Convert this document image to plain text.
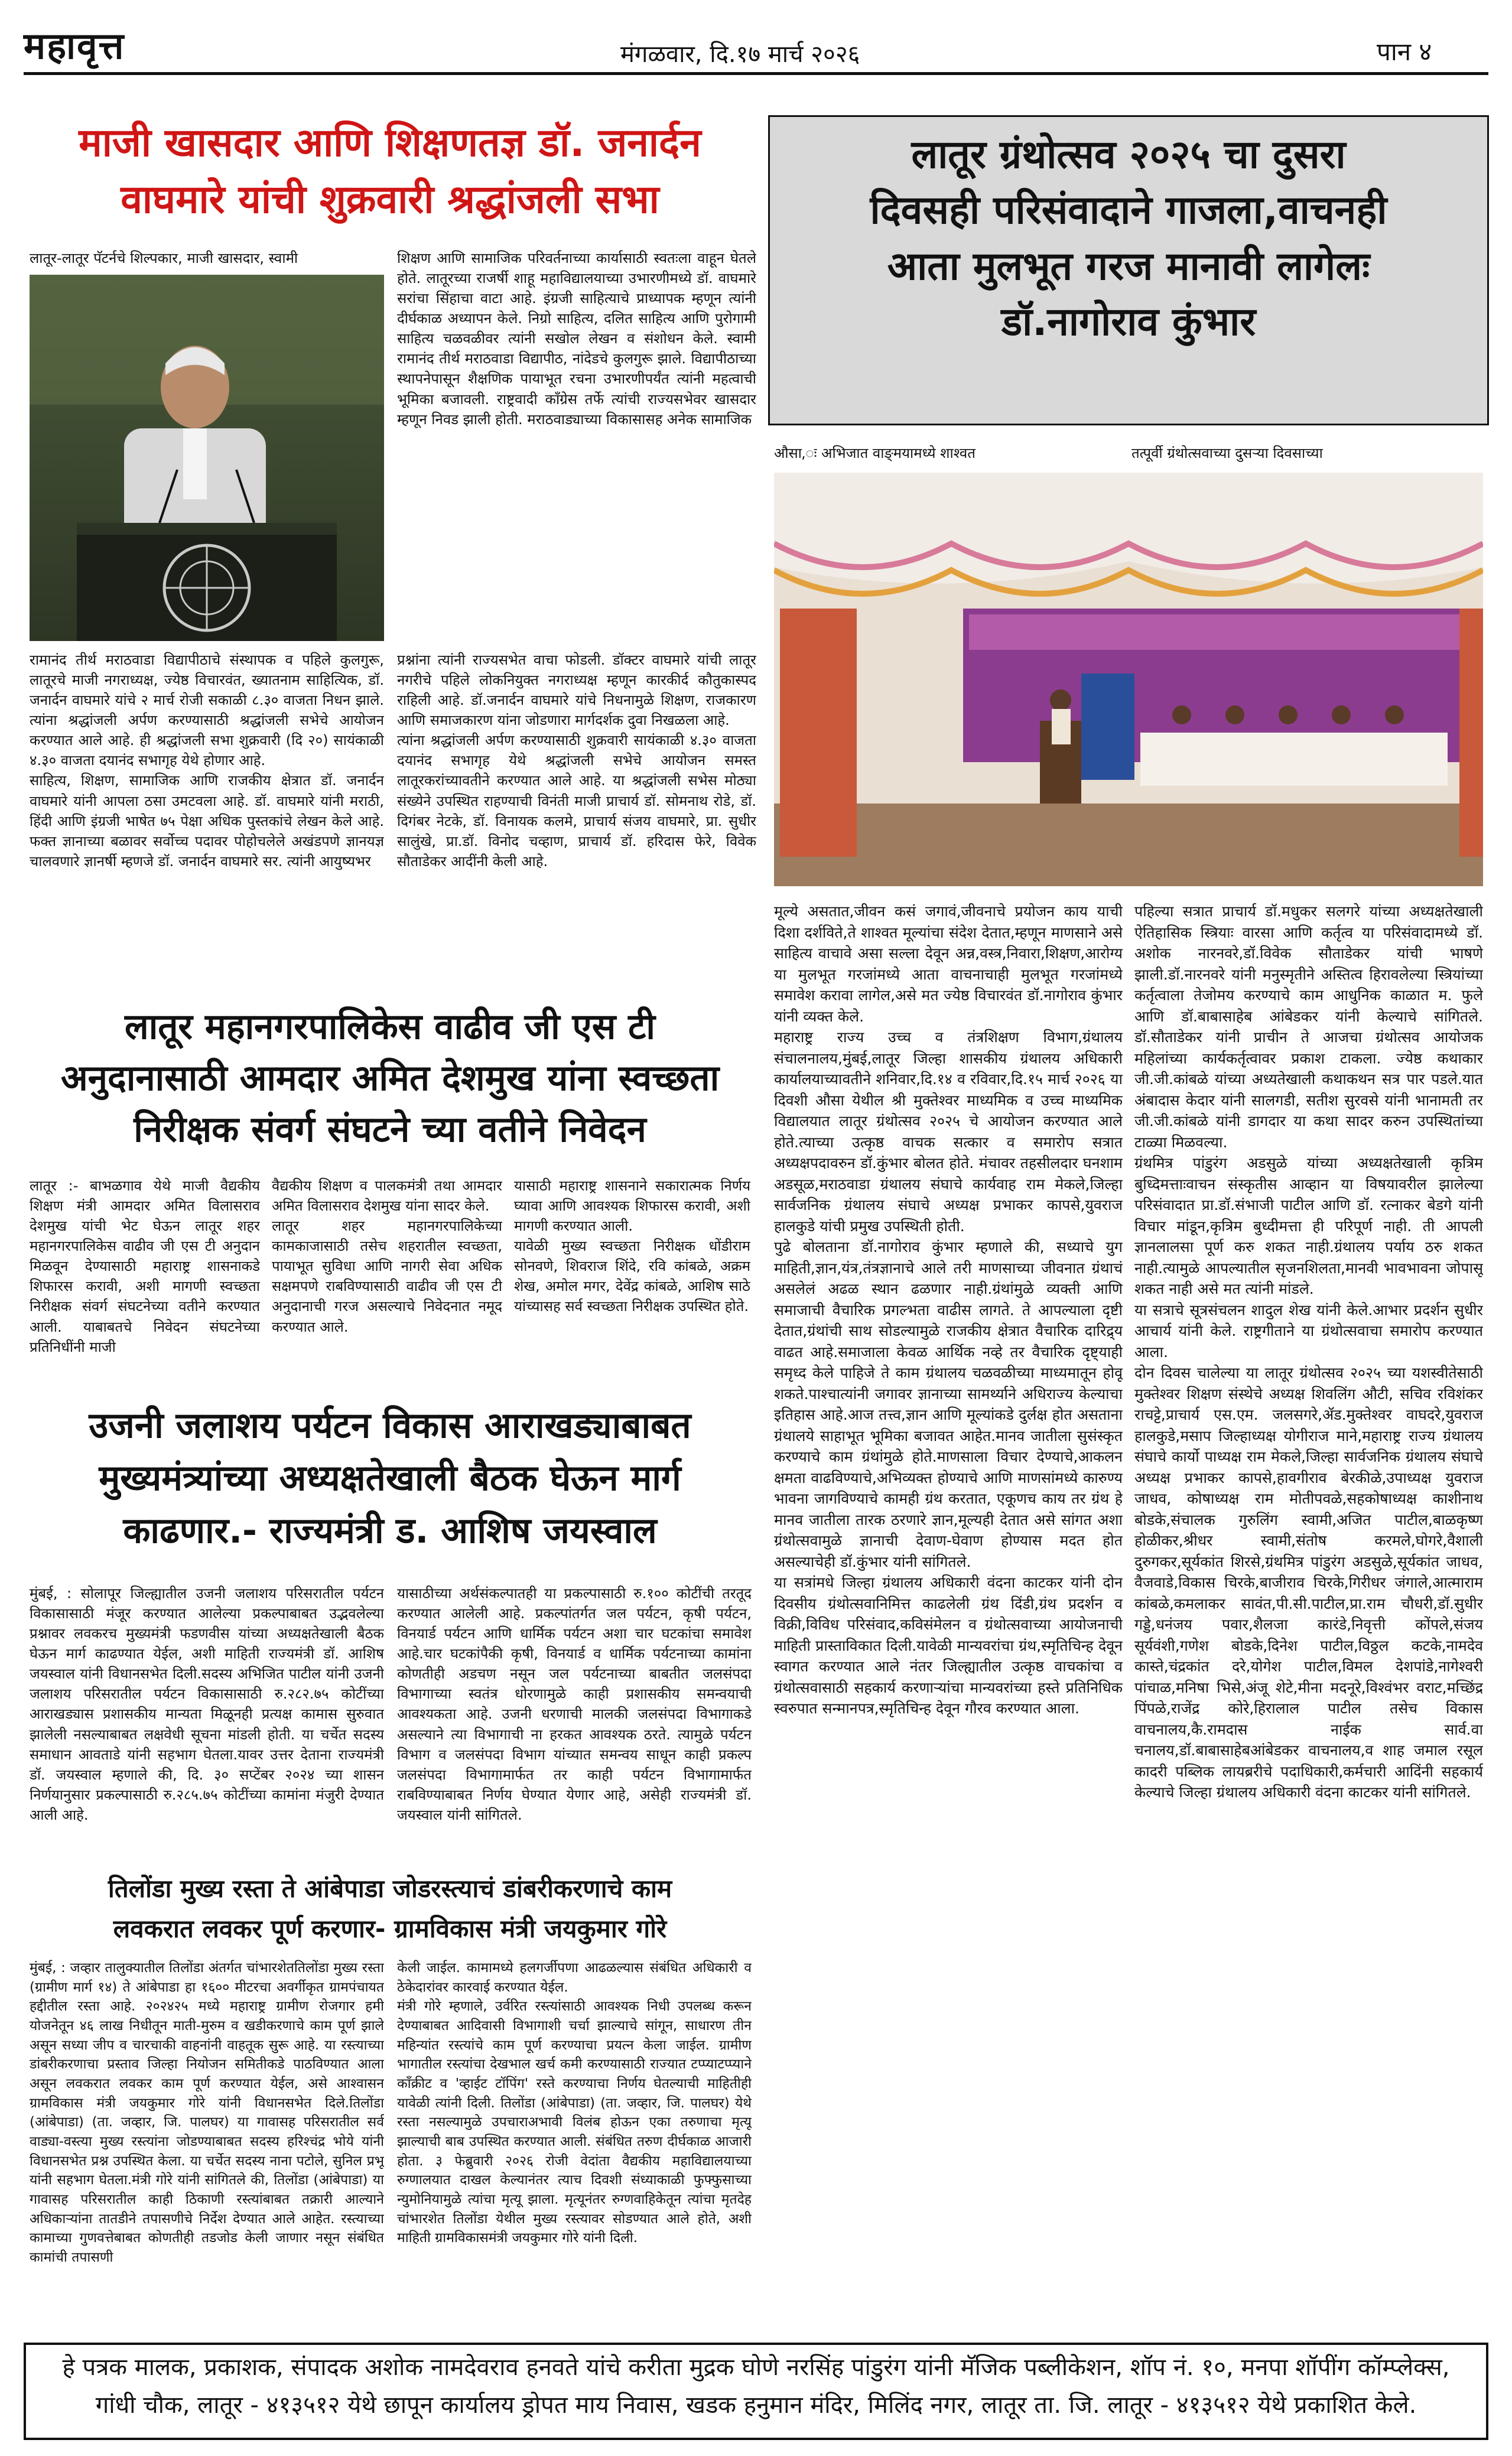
महावृत्त	मंगळवार, दि.१७ मार्च २०२६	पान ४
माजी खासदार आणि शिक्षणतज्ञ डॉ. जनार्दन
वाघमारे यांची शुक्रवारी श्रद्धांजली सभा

लातूर-लातूर पॅटर्नचे शिल्पकार, माजी खासदार, स्वामी	शिक्षण आणि सामाजिक परिवर्तनाच्या कार्यासाठी स्वतःला वाहून घेतले होते. लातूरच्या राजर्षी शाहू महाविद्यालयाच्या उभारणीमध्ये डॉ. वाघमारे सरांचा सिंहाचा वाटा आहे. इंग्रजी साहित्याचे प्राध्यापक म्हणून त्यांनी दीर्घकाळ अध्यापन केले. निग्रो साहित्य, दलित साहित्य आणि पुरोगामी साहित्य चळवळीवर त्यांनी सखोल लेखन व संशोधन केले. स्वामी रामानंद तीर्थ मराठवाडा विद्यापीठ, नांदेडचे कुलगुरू झाले. विद्यापीठाच्या स्थापनेपासून शैक्षणिक पायाभूत रचना उभारणीपर्यंत त्यांनी महत्वाची भूमिका बजावली. राष्ट्रवादी काँग्रेस तर्फे त्यांची राज्यसभेवर खासदार म्हणून निवड झाली होती. मराठवाड्याच्या विकासासह अनेक सामाजिक

रामानंद तीर्थ मराठवाडा विद्यापीठाचे संस्थापक व पहिले कुलगुरू, लातूरचे माजी नगराध्यक्ष, ज्येष्ठ विचारवंत, ख्यातनाम साहित्यिक, डॉ. जनार्दन वाघमारे यांचे २ मार्च रोजी सकाळी ८.३० वाजता निधन झाले. त्यांना श्रद्धांजली अर्पण करण्यासाठी श्रद्धांजली सभेचे आयोजन करण्यात आले आहे. ही श्रद्धांजली सभा शुक्रवारी (दि २०) सायंकाळी ४.३० वाजता दयानंद सभागृह येथे होणार आहे.
साहित्य, शिक्षण, सामाजिक आणि राजकीय क्षेत्रात डॉ. जनार्दन वाघमारे यांनी आपला ठसा उमटवला आहे. डॉ. वाघमारे यांनी मराठी, हिंदी आणि इंग्रजी भाषेत ७५ पेक्षा अधिक पुस्तकांचे लेखन केले आहे. फक्त ज्ञानाच्या बळावर सर्वोच्च पदावर पोहोचलेले अखंडपणे ज्ञानयज्ञ चालवणारे ज्ञानर्षी म्हणजे डॉ. जनार्दन वाघमारे सर. त्यांनी आयुष्यभर

प्रश्नांना त्यांनी राज्यसभेत वाचा फोडली. डॉक्टर वाघमारे यांची लातूर नगरीचे पहिले लोकनियुक्त नगराध्यक्ष म्हणून कारकीर्द कौतुकास्पद राहिली आहे. डॉ.जनार्दन वाघमारे यांचे निधनामुळे शिक्षण, राजकारण आणि समाजकारण यांना जोडणारा मार्गदर्शक दुवा निखळला आहे.
त्यांना श्रद्धांजली अर्पण करण्यासाठी शुक्रवारी सायंकाळी ४.३० वाजता दयानंद सभागृह येथे श्रद्धांजली सभेचे आयोजन समस्त लातूरकरांच्यावतीने करण्यात आले आहे. या श्रद्धांजली सभेस मोठ्या संख्येने उपस्थित राहण्याची विनंती माजी प्राचार्य डॉ. सोमनाथ रोडे, डॉ. दिगंबर नेटके, डॉ. विनायक कलमे, प्राचार्य संजय वाघमारे, प्रा. सुधीर सालुंखे, प्रा.डॉ. विनोद चव्हाण, प्राचार्य डॉ. हरिदास फेरे, विवेक सौताडेकर आदींनी केली आहे.

लातूर महानगरपालिकेस वाढीव जी एस टी
अनुदानासाठी आमदार अमित देशमुख यांना स्वच्छता
निरीक्षक संवर्ग संघटने च्या वतीने निवेदन

लातूर :- बाभळगाव येथे माजी वैद्यकीय शिक्षण मंत्री आमदार अमित विलासराव देशमुख यांची भेट घेऊन लातूर शहर महानगरपालिकेस वाढीव जी एस टी अनुदान मिळवून देण्यासाठी महाराष्ट्र शासनाकडे शिफारस करावी, अशी मागणी स्वच्छता निरीक्षक संवर्ग संघटनेच्या वतीने करण्यात आली. याबाबतचे निवेदन संघटनेच्या प्रतिनिधींनी माजी

वैद्यकीय शिक्षण व पालकमंत्री तथा आमदार अमित विलासराव देशमुख यांना सादर केले.
लातूर शहर महानगरपालिकेच्या कामकाजासाठी तसेच शहरातील स्वच्छता, पायाभूत सुविधा आणि नागरी सेवा अधिक सक्षमपणे राबविण्यासाठी वाढीव जी एस टी अनुदानाची गरज असल्याचे निवेदनात नमूद करण्यात आले.

यासाठी महाराष्ट्र शासनाने सकारात्मक निर्णय घ्यावा आणि आवश्यक शिफारस करावी, अशी मागणी करण्यात आली.
यावेळी मुख्य स्वच्छता निरीक्षक धोंडीराम सोनवणे, शिवराज शिंदे, रवि कांबळे, अक्रम शेख, अमोल मगर, देवेंद्र कांबळे, आशिष साठे यांच्यासह सर्व स्वच्छता निरीक्षक उपस्थित होते.

उजनी जलाशय पर्यटन विकास आराखड्याबाबत
मुख्यमंत्र्यांच्या अध्यक्षतेखाली बैठक घेऊन मार्ग
काढणार.- राज्यमंत्री ड. आशिष जयस्वाल

मुंबई, : सोलापूर जिल्ह्यातील उजनी जलाशय परिसरातील पर्यटन विकासासाठी मंजूर करण्यात आलेल्या प्रकल्पाबाबत उद्भवलेल्या प्रश्नावर लवकरच मुख्यमंत्री फडणवीस यांच्या अध्यक्षतेखाली बैठक घेऊन मार्ग काढण्यात येईल, अशी माहिती राज्यमंत्री डॉ. आशिष जयस्वाल यांनी विधानसभेत दिली.सदस्य अभिजित पाटील यांनी उजनी जलाशय परिसरातील पर्यटन विकासासाठी रु.२८२.७५ कोटींच्या आराखड्यास प्रशासकीय मान्यता मिळूनही प्रत्यक्ष कामास सुरुवात झालेली नसल्याबाबत लक्षवेधी सूचना मांडली होती. या चर्चेत सदस्य समाधान आवताडे यांनी सहभाग घेतला.यावर उत्तर देताना राज्यमंत्री डॉ. जयस्वाल म्हणाले की, दि. ३० सप्टेंबर २०२४ च्या शासन निर्णयानुसार प्रकल्पासाठी रु.२८५.७५ कोटींच्या कामांना मंजुरी देण्यात आली आहे.

यासाठीच्या अर्थसंकल्पातही या प्रकल्पासाठी रु.१०० कोटींची तरतूद करण्यात आलेली आहे. प्रकल्पांतर्गत जल पर्यटन, कृषी पर्यटन, विनयार्ड पर्यटन आणि धार्मिक पर्यटन अशा चार घटकांचा समावेश आहे.चार घटकांपैकी कृषी, विनयार्ड व धार्मिक पर्यटनाच्या कामांना कोणतीही अडचण नसून जल पर्यटनाच्या बाबतीत जलसंपदा विभागाच्या स्वतंत्र धोरणामुळे काही प्रशासकीय समन्वयाची आवश्यकता आहे. उजनी धरणाची मालकी जलसंपदा विभागाकडे असल्याने त्या विभागाची ना हरकत आवश्यक ठरते. त्यामुळे पर्यटन विभाग व जलसंपदा विभाग यांच्यात समन्वय साधून काही प्रकल्प जलसंपदा विभागामार्फत तर काही पर्यटन विभागामार्फत राबविण्याबाबत निर्णय घेण्यात येणार आहे, असेही राज्यमंत्री डॉ. जयस्वाल यांनी सांगितले.

तिलोंडा मुख्य रस्ता ते आंबेपाडा जोडरस्त्याचं डांबरीकरणाचे काम
लवकरात लवकर पूर्ण करणार- ग्रामविकास मंत्री जयकुमार गोरे

मुंबई, : जव्हार तालुक्यातील तिलोंडा अंतर्गत चांभारशेततिलोंडा मुख्य रस्ता (ग्रामीण मार्ग १४) ते आंबेपाडा हा १६०० मीटरचा अवर्गीकृत ग्रामपंचायत हद्दीतील रस्ता आहे. २०२४२५ मध्ये महाराष्ट्र ग्रामीण रोजगार हमी योजनेतून ४६ लाख निधीतून माती-मुरुम व खडीकरणाचे काम पूर्ण झाले असून सध्या जीप व चारचाकी वाहनांनी वाहतूक सुरू आहे. या रस्त्याच्या डांबरीकरणाचा प्रस्ताव जिल्हा नियोजन समितीकडे पाठविण्यात आला असून लवकरात लवकर काम पूर्ण करण्यात येईल, असे आश्वासन ग्रामविकास मंत्री जयकुमार गोरे यांनी विधानसभेत दिले.तिलोंडा (आंबेपाडा) (ता. जव्हार, जि. पालघर) या गावासह परिसरातील सर्व वाड्या-वस्त्या मुख्य रस्त्यांना जोडण्याबाबत सदस्य हरिश्चंद्र भोये यांनी विधानसभेत प्रश्न उपस्थित केला. या चर्चेत सदस्य नाना पटोले, सुनिल प्रभू यांनी सहभाग घेतला.मंत्री गोरे यांनी सांगितले की, तिलोंडा (आंबेपाडा) या गावासह परिसरातील काही ठिकाणी रस्त्यांबाबत तक्रारी आल्याने अधिकाऱ्यांना तातडीने तपासणीचे निर्देश देण्यात आले आहेत. रस्त्याच्या कामाच्या गुणवत्तेबाबत कोणतीही तडजोड केली जाणार नसून संबंधित कामांची तपासणी

केली जाईल. कामामध्ये हलगर्जीपणा आढळल्यास संबंधित अधिकारी व ठेकेदारांवर कारवाई करण्यात येईल.
मंत्री गोरे म्हणाले, उर्वरित रस्त्यांसाठी आवश्यक निधी उपलब्ध करून देण्याबाबत आदिवासी विभागाशी चर्चा झाल्याचे सांगून, साधारण तीन महिन्यांत रस्त्यांचे काम पूर्ण करण्याचा प्रयत्न केला जाईल. ग्रामीण भागातील रस्त्यांचा देखभाल खर्च कमी करण्यासाठी राज्यात टप्प्याटप्प्याने काँक्रीट व 'व्हाईट टॉपिंग' रस्ते करण्याचा निर्णय घेतल्याची माहितीही यावेळी त्यांनी दिली. तिलोंडा (आंबेपाडा) (ता. जव्हार, जि. पालघर) येथे रस्ता नसल्यामुळे उपचाराअभावी विलंब होऊन एका तरुणाचा मृत्यू झाल्याची बाब उपस्थित करण्यात आली. संबंधित तरुण दीर्घकाळ आजारी होता. ३ फेब्रुवारी २०२६ रोजी वेदांता वैद्यकीय महाविद्यालयाच्या रुग्णालयात दाखल केल्यानंतर त्याच दिवशी संध्याकाळी फुफ्फुसाच्या न्युमोनियामुळे त्यांचा मृत्यू झाला. मृत्यूनंतर रुग्णवाहिकेतून त्यांचा मृतदेह चांभारशेत तिलोंडा येथील मुख्य रस्त्यावर सोडण्यात आले होते, अशी माहिती ग्रामविकासमंत्री जयकुमार गोरे यांनी दिली.

लातूर ग्रंथोत्सव २०२५ चा दुसरा
दिवसही परिसंवादाने गाजला,वाचनही
आता मुलभूत गरज मानावी लागेलः
डॉ.नागोराव कुंभार
औसा,ः अभिजात वाङ्‌मयामध्ये शाश्वत	तत्पूर्वी ग्रंथोत्सवाच्या दुसऱ्या दिवसाच्या

मूल्ये असतात,जीवन कसं जगावं,जीवनाचे प्रयोजन काय याची दिशा दर्शविते,ते शाश्वत मूल्यांचा संदेश देतात,म्हणून माणसाने असे साहित्य वाचावे असा सल्ला देवून अन्न,वस्त्र,निवारा,शिक्षण,आरोग्य या मुलभूत गरजांमध्ये आता वाचनाचाही मुलभूत गरजांमध्ये समावेश करावा लागेल,असे मत ज्येष्ठ विचारवंत डॉ.नागोराव कुंभार यांनी व्यक्त केले.
महाराष्ट्र राज्य उच्च व तंत्रशिक्षण विभाग,ग्रंथालय संचालनालय,मुंबई,लातूर जिल्हा शासकीय ग्रंथालय अधिकारी कार्यालयाच्यावतीने शनिवार,दि.१४ व रविवार,दि.१५ मार्च २०२६ या दिवशी औसा येथील श्री मुक्तेश्वर माध्यमिक व उच्च माध्यमिक विद्यालयात लातूर ग्रंथोत्सव २०२५ चे आयोजन करण्यात आले होते.त्याच्या उत्कृष्ठ वाचक सत्कार व समारोप सत्रात अध्यक्षपदावरुन डॉ.कुंभार बोलत होते. मंचावर तहसीलदार घनशाम अडसूळ,मराठवाडा ग्रंथालय संघाचे कार्यवाह राम मेकले,जिल्हा सार्वजनिक ग्रंथालय संघाचे अध्यक्ष प्रभाकर कापसे,युवराज हालकुडे यांची प्रमुख उपस्थिती होती.
पुढे बोलताना डॉ.नागोराव कुंभार म्हणाले की, सध्याचे युग माहिती,ज्ञान,यंत्र,तंत्रज्ञानाचे आले तरी माणसाच्या जीवनात ग्रंथाचं असलेलं अढळ स्थान ढळणार नाही.ग्रंथांमुळे व्यक्ती आणि समाजाची वैचारिक प्रगल्भता वाढीस लागते. ते आपल्याला दृष्टी देतात,ग्रंथांची साथ सोडल्यामुळे राजकीय क्षेत्रात वैचारिक दारिद्र्य वाढत आहे.समाजाला केवळ आर्थिक नव्हे तर वैचारिक दृष्ट्याही समृध्द केले पाहिजे ते काम ग्रंथालय चळवळीच्या माध्यमातून होवू शकते.पाश्चात्यांनी जगावर ज्ञानाच्या सामर्थ्याने अधिराज्य केल्याचा इतिहास आहे.आज तत्त्व,ज्ञान आणि मूल्यांकडे दुर्लक्ष होत असताना ग्रंथालये साहाभूत भूमिका बजावत आहेत.मानव जातीला सुसंस्कृत करण्याचे काम ग्रंथांमुळे होते.माणसाला विचार देण्याचे,आकलन क्षमता वाढविण्याचे,अभिव्यक्त होण्याचे आणि माणसांमध्ये कारुण्य भावना जागविण्याचे कामही ग्रंथ करतात, एकूणच काय तर ग्रंथ हे मानव जातीला तारक ठरणारे ज्ञान,मूल्यही देतात असे सांगत अशा ग्रंथोत्सवामुळे ज्ञानाची देवाण-घेवाण होण्यास मदत होत असल्याचेही डॉ.कुंभार यांनी सांगितले.
या सत्रांमधे जिल्हा ग्रंथालय अधिकारी वंदना काटकर यांनी दोन दिवसीय ग्रंथोत्सवानिमित्त काढलेली ग्रंथ दिंडी,ग्रंथ प्रदर्शन व विक्री,विविध परिसंवाद,कविसंमेलन व ग्रंथोत्सवाच्या आयोजनाची माहिती प्रास्ताविकात दिली.यावेळी मान्यवरांचा ग्रंथ,स्मृतिचिन्ह देवून स्वागत करण्यात आले नंतर जिल्ह्यातील उत्कृष्ठ वाचकांचा व ग्रंथोत्सवासाठी सहकार्य करणाऱ्यांचा मान्यवरांच्या हस्ते प्रतिनिधिक स्वरुपात सन्मानपत्र,स्मृतिचिन्ह देवून गौरव करण्यात आला.

पहिल्या सत्रात प्राचार्य डॉ.मधुकर सलगरे यांच्या अध्यक्षतेखाली ऐतिहासिक स्त्रियाः वारसा आणि कर्तृत्व या परिसंवादामध्ये डॉ. अशोक नारनवरे,डॉ.विवेक सौताडेकर यांची भाषणे झाली.डॉ.नारनवरे यांनी मनुस्मृतीने अस्तित्व हिरावलेल्या स्त्रियांच्या कर्तृत्वाला तेजोमय करण्याचे काम आधुनिक काळात म. फुले आणि डॉ.बाबासाहेब आंबेडकर यांनी केल्याचे सांगितले. डॉ.सौताडेकर यांनी प्राचीन ते आजचा ग्रंथोत्सव आयोजक महिलांच्या कार्यकर्तृत्वावर प्रकाश टाकला. ज्येष्ठ कथाकार जी.जी.कांबळे यांच्या अध्यतेखाली कथाकथन सत्र पार पडले.यात अंबादास केदार यांनी सालगडी, सतीश सुरवसे यांनी भानामती तर जी.जी.कांबळे यांनी डागदार या कथा सादर करुन उपस्थितांच्या टाळ्या मिळवल्या.
ग्रंथमित्र पांडुरंग अडसुळे यांच्या अध्यक्षतेखाली कृत्रिम बुध्दिमत्ताःवाचन संस्कृतीस आव्हान या विषयावरील झालेल्या परिसंवादात प्रा.डॉ.संभाजी पाटील आणि डॉ. रत्नाकर बेडगे यांनी विचार मांडून,कृत्रिम बुध्दीमत्ता ही परिपूर्ण नाही. ती आपली ज्ञानलालसा पूर्ण करु शकत नाही.ग्रंथालय पर्याय ठरु शकत नाही.त्यामुळे आपल्यातील सृजनशिलता,मानवी भावभावना जोपासू शकत नाही असे मत त्यांनी मांडले.
या सत्राचे सूत्रसंचलन शादुल शेख यांनी केले.आभार प्रदर्शन सुधीर आचार्य यांनी केले. राष्ट्रगीताने या ग्रंथोत्सवाचा समारोप करण्यात आला.
दोन दिवस चालेल्या या लातूर ग्रंथोत्सव २०२५ च्या यशस्वीतेसाठी मुक्तेश्वर शिक्षण संस्थेचे अध्यक्ष शिवलिंग औटी, सचिव रविशंकर राचट्टे,प्राचार्य एस.एम. जलसगरे,ॲड.मुक्तेश्वर वाघदरे,युवराज हालकुडे,मसाप जिल्हाध्यक्ष योगीराज माने,महाराष्ट्र राज्य ग्रंथालय संघाचे कार्यो पाध्यक्ष राम मेकले,जिल्हा सार्वजनिक ग्रंथालय संघाचे अध्यक्ष प्रभाकर कापसे,हावगीराव बेरकीळे,उपाध्यक्ष युवराज जाधव, कोषाध्यक्ष राम मोतीपवळे,सहकोषाध्यक्ष काशीनाथ बोडके,संचालक गुरुलिंग स्वामी,अजित पाटील,बाळकृष्ण होळीकर,श्रीधर स्वामी,संतोष करमले,घोगरे,वैशाली दुरुगकर,सूर्यकांत शिरसे,ग्रंथमित्र पांडुरंग अडसुळे,सूर्यकांत जाधव, वैजवाडे,विकास चिरके,बाजीराव चिरके,गिरीधर जंगाले,आत्माराम कांबळे,कमलाकर सावंत,पी.सी.पाटील,प्रा.राम चौधरी,डॉ.सुधीर गड्डे,धनंजय पवार,शैलजा कारंडे,निवृत्ती कोंपले,संजय सूर्यवंशी,गणेश बोडके,दिनेश पाटील,विठ्ठल कटके,नामदेव कास्ते,चंद्रकांत दरे,योगेश पाटील,विमल देशपांडे,नागेश्वरी पांचाळ,मनिषा भिसे,अंजू शेटे,मीना मदनूरे,विश्वंभर वराट,मच्छिंद्र पिंपळे,राजेंद्र कोरे,हिरालाल पाटील तसेच विकास वाचनालय,कै.रामदास नाईक सार्व.वा चनालय,डॉ.बाबासाहेबआंबेडकर वाचनालय,व शाह जमाल रसूल कादरी पब्लिक लायब्ररीचे पदाधिकारी,कर्मचारी आदिंनी सहकार्य केल्याचे जिल्हा ग्रंथालय अधिकारी वंदना काटकर यांनी सांगितले.

हे पत्रक मालक, प्रकाशक, संपादक अशोक नामदेवराव हनवते यांचे करीता मुद्रक घोणे नरसिंह पांडुरंग यांनी मॅजिक पब्लीकेशन, शॉप नं. १०, मनपा शॉपींग कॉम्प्लेक्स,
गांधी चौक, लातूर - ४१३५१२ येथे छापून कार्यालय ड्रोपत माय निवास, खडक हनुमान मंदिर, मिलिंद नगर, लातूर ता. जि. लातूर - ४१३५१२ येथे प्रकाशित केले.
